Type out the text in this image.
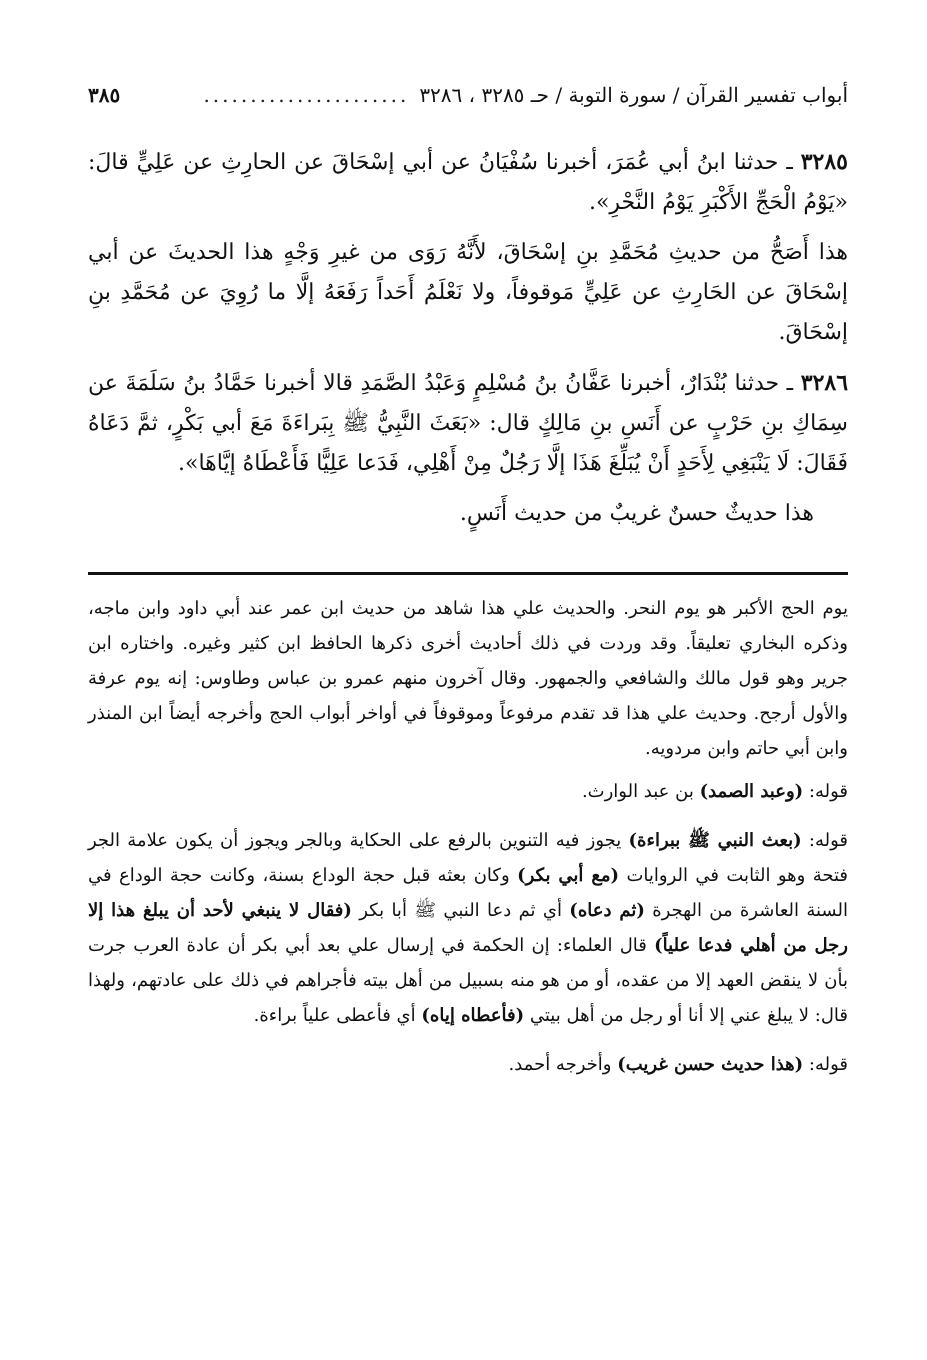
أبواب تفسير القرآن / سورة التوبة / حـ ٣٢٨٥ ، ٣٢٨٦
......................
٣٨٥

٣٢٨٥ ـ حدثنا ابنُ أبي عُمَرَ، أخبرنا سُفْيَانُ عن أبي إسْحَاقَ عن الحارِثِ عن عَلِيٍّ قالَ: «يَوْمُ الْحَجِّ الأَكْبَرِ يَوْمُ النَّحْرِ».

هذا أَصَحُّ من حديثِ مُحَمَّدِ بنِ إسْحَاقَ، لأَنَّهُ رَوَى من غيرِ وَجْهٍ هذا الحديثَ عن أبي إسْحَاقَ عن الحَارِثِ عن عَلِيٍّ مَوقوفاً، ولا نَعْلَمُ أَحَداً رَفَعَهُ إلَّا ما رُوِيَ عن مُحَمَّدِ بنِ إسْحَاقَ.

٣٢٨٦ ـ حدثنا بُنْدَارٌ، أخبرنا عَفَّانُ بنُ مُسْلِمٍ وَعَبْدُ الصَّمَدِ قالا أخبرنا حَمَّادُ بنُ سَلَمَةَ عن سِمَاكِ بنِ حَرْبٍ عن أَنَسِ بنِ مَالِكٍ قال: «بَعَثَ النَّبِيُّ ﷺ بِبَراءَةَ مَعَ أبي بَكْرٍ، ثمَّ دَعَاهُ فَقَالَ: لَا يَنْبَغِي لِأَحَدٍ أَنْ يُبَلِّغَ هَذَا إلَّا رَجُلٌ مِنْ أَهْلِي، فَدَعا عَلِيًّا فَأَعْطَاهُ إيَّاهَا».

هذا حديثٌ حسنٌ غريبٌ من حديث أَنَسٍ.

يوم الحج الأكبر هو يوم النحر. والحديث علي هذا شاهد من حديث ابن عمر عند أبي داود وابن ماجه، وذكره البخاري تعليقاً. وقد وردت في ذلك أحاديث أخرى ذكرها الحافظ ابن كثير وغيره. واختاره ابن جرير وهو قول مالك والشافعي والجمهور. وقال آخرون منهم عمرو بن عباس وطاوس: إنه يوم عرفة والأول أرجح. وحديث علي هذا قد تقدم مرفوعاً وموقوفاً في أواخر أبواب الحج وأخرجه أيضاً ابن المنذر وابن أبي حاتم وابن مردويه.

قوله: (وعبد الصمد) بن عبد الوارث.

قوله: (بعث النبي ﷺ ببراءة) يجوز فيه التنوين بالرفع على الحكاية وبالجر ويجوز أن يكون علامة الجر فتحة وهو الثابت في الروايات (مع أبي بكر) وكان بعثه قبل حجة الوداع بسنة، وكانت حجة الوداع في السنة العاشرة من الهجرة (ثم دعاه) أي ثم دعا النبي ﷺ أبا بكر (فقال لا ينبغي لأحد أن يبلغ هذا إلا رجل من أهلي فدعا علياً) قال العلماء: إن الحكمة في إرسال علي بعد أبي بكر أن عادة العرب جرت بأن لا ينقض العهد إلا من عقده، أو من هو منه بسبيل من أهل بيته فأجراهم في ذلك على عادتهم، ولهذا قال: لا يبلغ عني إلا أنا أو رجل من أهل بيتي (فأعطاه إياه) أي فأعطى علياً براءة.

قوله: (هذا حديث حسن غريب) وأخرجه أحمد.
